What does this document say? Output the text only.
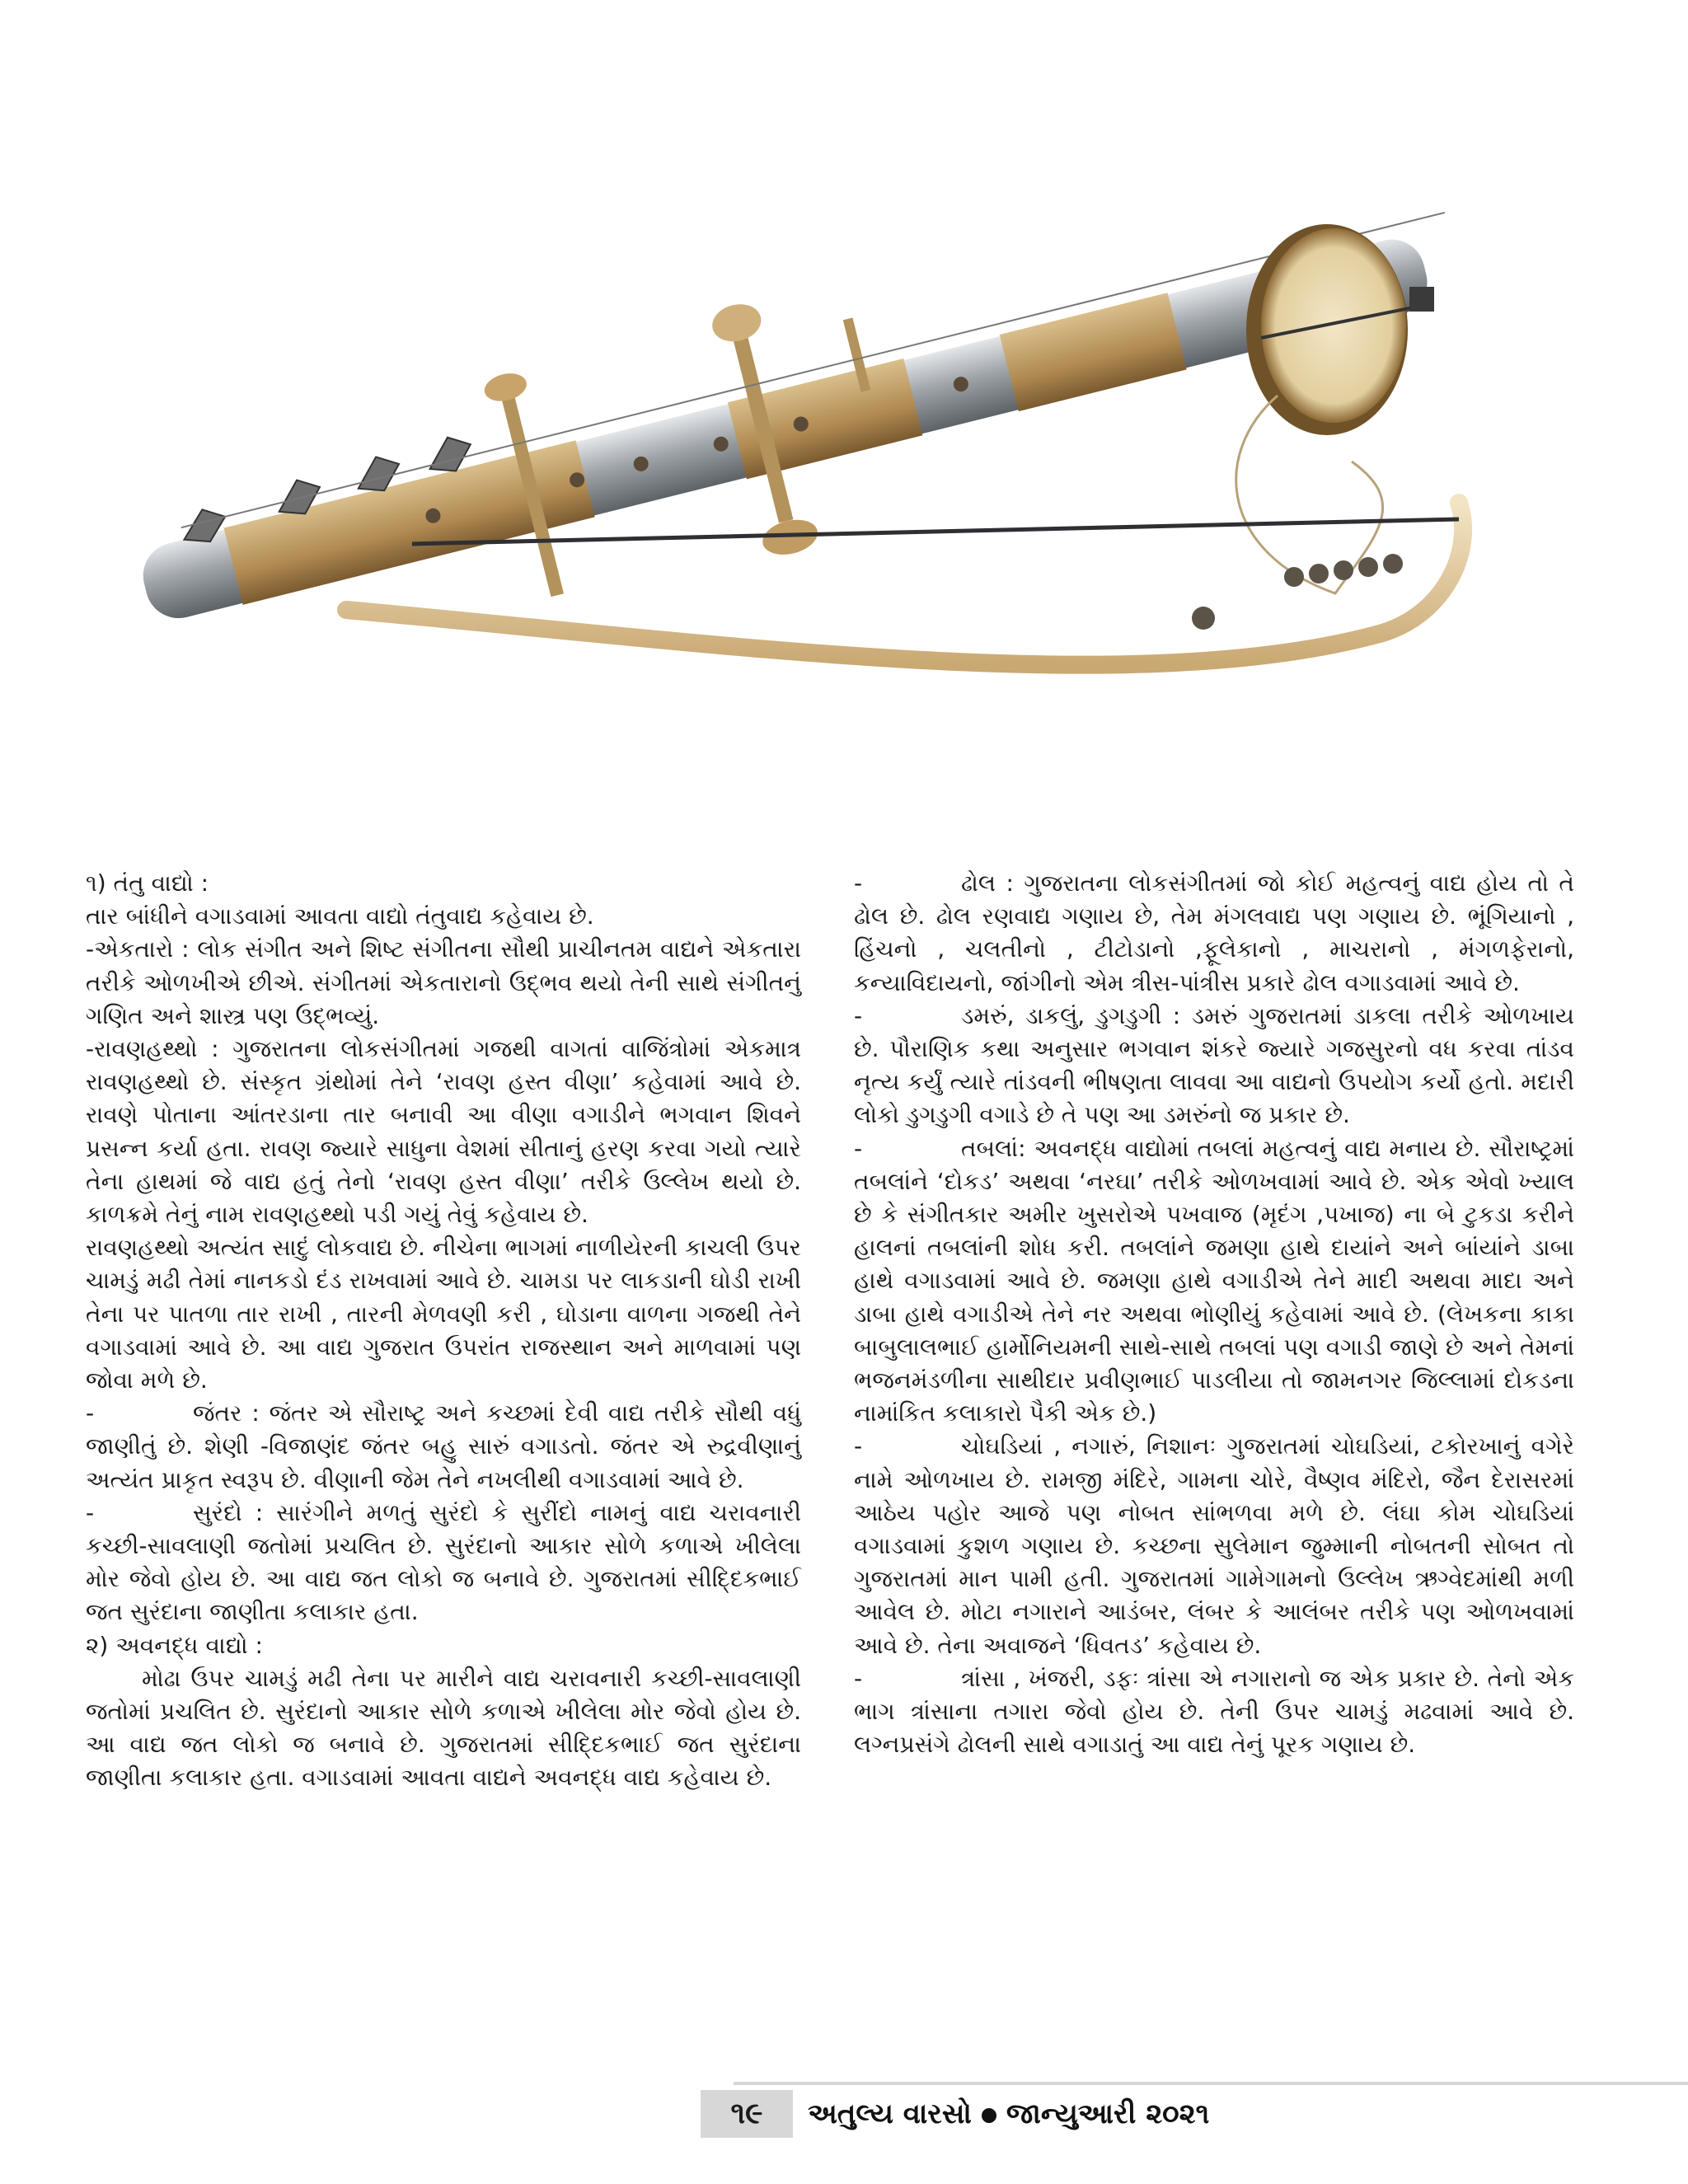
૧) તંતુ વાદ્યો :

તાર બાંધીને વગાડવામાં આવતા વાદ્યો તંતુવાદ્ય કહેવાય છે.

-એકતારો : લોક સંગીત અને શિષ્ટ સંગીતના સૌથી પ્રાચીનતમ વાદ્યને એકતારા તરીકે ઓળખીએ છીએ. સંગીતમાં એકતારાનો ઉદ્ભવ થયો તેની સાથે સંગીતનું ગણિત અને શાસ્ત્ર પણ ઉદ્ભવ્યું.

-રાવણહથ્થો : ગુજરાતના લોકસંગીતમાં ગજથી વાગતાં વાજિંત્રોમાં એકમાત્ર રાવણહથ્થો છે. સંસ્કૃત ગ્રંથોમાં તેને ‘રાવણ હસ્ત વીણા’ કહેવામાં આવે છે. રાવણે પોતાના આંતરડાના તાર બનાવી આ વીણા વગાડીને ભગવાન શિવને પ્રસન્ન કર્યા હતા. રાવણ જ્યારે સાધુના વેશમાં સીતાનું હરણ કરવા ગયો ત્યારે તેના હાથમાં જે વાદ્ય હતું તેનો ‘રાવણ હસ્ત વીણા’ તરીકે ઉલ્લેખ થયો છે. કાળક્રમે તેનું નામ રાવણહથ્થો પડી ગયું તેવું કહેવાય છે.

રાવણહથ્થો અત્યંત સાદું લોકવાદ્ય છે. નીચેના ભાગમાં નાળીયેરની કાચલી ઉપર ચામડું મઢી તેમાં નાનકડો દંડ રાખવામાં આવે છે. ચામડા પર લાકડાની ઘોડી રાખી તેના પર પાતળા તાર રાખી , તારની મેળવણી કરી , ઘોડાના વાળના ગજથી તેને વગાડવામાં આવે છે. આ વાદ્ય ગુજરાત ઉપરાંત રાજસ્થાન અને માળવામાં પણ જોવા મળે છે.

-	જંતર : જંતર એ સૌરાષ્ટ્ર અને કચ્છમાં દેવી વાદ્ય તરીકે સૌથી વધું જાણીતું છે. શેણી -વિજાણંદ જંતર બહુ સારું વગાડતો. જંતર એ રુદ્રવીણાનું અત્યંત પ્રાકૃત સ્વરૂપ છે. વીણાની જેમ તેને નખલીથી વગાડવામાં આવે છે.

-	સુરંદો : સારંગીને મળતું સુરંદો કે સુરીંદો નામનું વાદ્ય ચરાવનારી કચ્છી-સાવલાણી જતોમાં પ્રચલિત છે. સુરંદાનો આકાર સોળે કળાએ ખીલેલા મોર જેવો હોય છે. આ વાદ્ય જત લોકો જ બનાવે છે. ગુજરાતમાં સીદ્દિકભાઈ જત સુરંદાના જાણીતા કલાકાર હતા.

૨) અવનદ્ધ વાદ્યો :

મોઢા ઉપર ચામડું મઢી તેના પર મારીને વાદ્ય ચરાવનારી કચ્છી-સાવલાણી જતોમાં પ્રચલિત છે. સુરંદાનો આકાર સોળે કળાએ ખીલેલા મોર જેવો હોય છે. આ વાદ્ય જત લોકો જ બનાવે છે. ગુજરાતમાં સીદ્દિકભાઈ જત સુરંદાના જાણીતા કલાકાર હતા. વગાડવામાં આવતા વાદ્યને અવનદ્ધ વાદ્ય કહેવાય છે.

-	ઢોલ : ગુજરાતના લોકસંગીતમાં જો કોઈ મહત્વનું વાદ્ય હોય તો તે ઢોલ છે. ઢોલ રણવાદ્ય ગણાય છે, તેમ મંગલવાદ્ય પણ ગણાય છે. ભૂંગિયાનો , હિંચનો , ચલતીનો , ટીટોડાનો ,ફૂલેકાનો , માચરાનો , મંગળફેરાનો, કન્યાવિદાયનો, જાંગીનો એમ ત્રીસ-પાંત્રીસ પ્રકારે ઢોલ વગાડવામાં આવે છે.

-	ડમરું, ડાકલું, ડુગડુગી : ડમરું ગુજરાતમાં ડાકલા તરીકે ઓળખાય છે. પૌરાણિક કથા અનુસાર ભગવાન શંકરે જ્યારે ગજસુરનો વધ કરવા તાંડવ નૃત્ય કર્યું ત્યારે તાંડવની ભીષણતા લાવવા આ વાદ્યનો ઉપયોગ કર્યો હતો. મદારી લોકો ડુગડુગી વગાડે છે તે પણ આ ડમરુંનો જ પ્રકાર છે.

-	તબલાં: અવનદ્ધ વાદ્યોમાં તબલાં મહત્વનું વાદ્ય મનાય છે. સૌરાષ્ટ્રમાં તબલાંને ‘દોકડ’ અથવા ‘નરઘા’ તરીકે ઓળખવામાં આવે છે. એક એવો ખ્યાલ છે કે સંગીતકાર અમીર ખુસરોએ પખવાજ (મૃદંગ ,પખાજ) ના બે ટુકડા કરીને હાલનાં તબલાંની શોધ કરી. તબલાંને જમણા હાથે દાયાંને અને બાંયાંને ડાબા હાથે વગાડવામાં આવે છે. જમણા હાથે વગાડીએ તેને માદી અથવા માદા અને ડાબા હાથે વગાડીએ તેને નર અથવા ભોણીયું કહેવામાં આવે છે. (લેખકના કાકા બાબુલાલભાઈ હાર્મોનિયમની સાથે-સાથે તબલાં પણ વગાડી જાણે છે અને તેમનાં ભજનમંડળીના સાથીદાર પ્રવીણભાઈ પાડલીયા તો જામનગર જિલ્લામાં દોકડના નામાંકિત કલાકારો પૈકી એક છે.)

-	ચોઘડિયાં , નગારું, નિશાનઃ ગુજરાતમાં ચોઘડિયાં, ટકોરખાનું વગેરે નામે ઓળખાય છે. રામજી મંદિરે, ગામના ચોરે, વૈષ્ણવ મંદિરો, જૈન દેરાસરમાં આઠેય પહોર આજે પણ નોબત સાંભળવા મળે છે. લંઘા કોમ ચોઘડિયાં વગાડવામાં કુશળ ગણાય છે. કચ્છના સુલેમાન જુમ્માની નોબતની સોબત તો ગુજરાતમાં માન પામી હતી. ગુજરાતમાં ગામેગામનો ઉલ્લેખ ઋગ્વેદમાંથી મળી આવેલ છે. મોટા નગારાને આડંબર, લંબર કે આલંબર તરીકે પણ ઓળખવામાં આવે છે. તેના અવાજને ‘ધિવતડ’ કહેવાય છે.

-	ત્રાંસા , ખંજરી, ડફઃ ત્રાંસા એ નગારાનો જ એક પ્રકાર છે. તેનો એક ભાગ ત્રાંસાના તગારા જેવો હોય છે. તેની ઉપર ચામડું મઢવામાં આવે છે. લગ્નપ્રસંગે ઢોલની સાથે વગાડાતું આ વાદ્ય તેનું પૂરક ગણાય છે.

૧૯	અતુલ્ય વારસો જાન્યુઆરી ૨૦૨૧
